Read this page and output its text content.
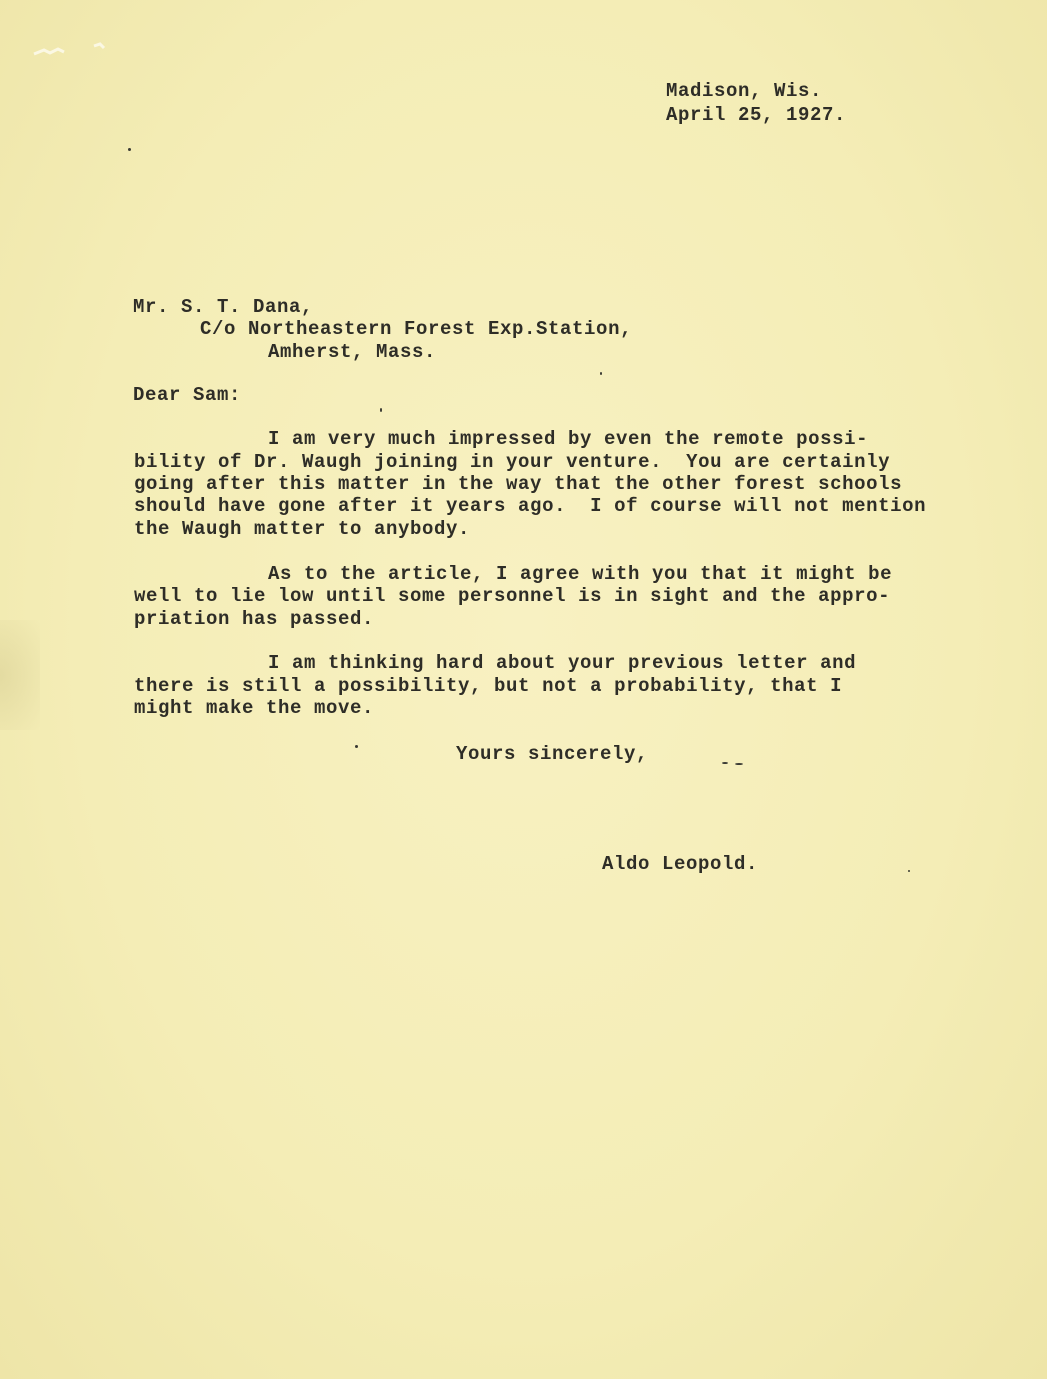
Madison, Wis.
April 25, 1927.
Mr. S. T. Dana,
C/o Northeastern Forest Exp.Station,
Amherst, Mass.
Dear Sam:
I am very much impressed by even the remote possi-
bility of Dr. Waugh joining in your venture.  You are certainly
going after this matter in the way that the other forest schools
should have gone after it years ago.  I of course will not mention
the Waugh matter to anybody.
As to the article, I agree with you that it might be
well to lie low until some personnel is in sight and the appro-
priation has passed.
I am thinking hard about your previous letter and
there is still a possibility, but not a probability, that I
might make the move.
Yours sincerely,
Aldo Leopold.
